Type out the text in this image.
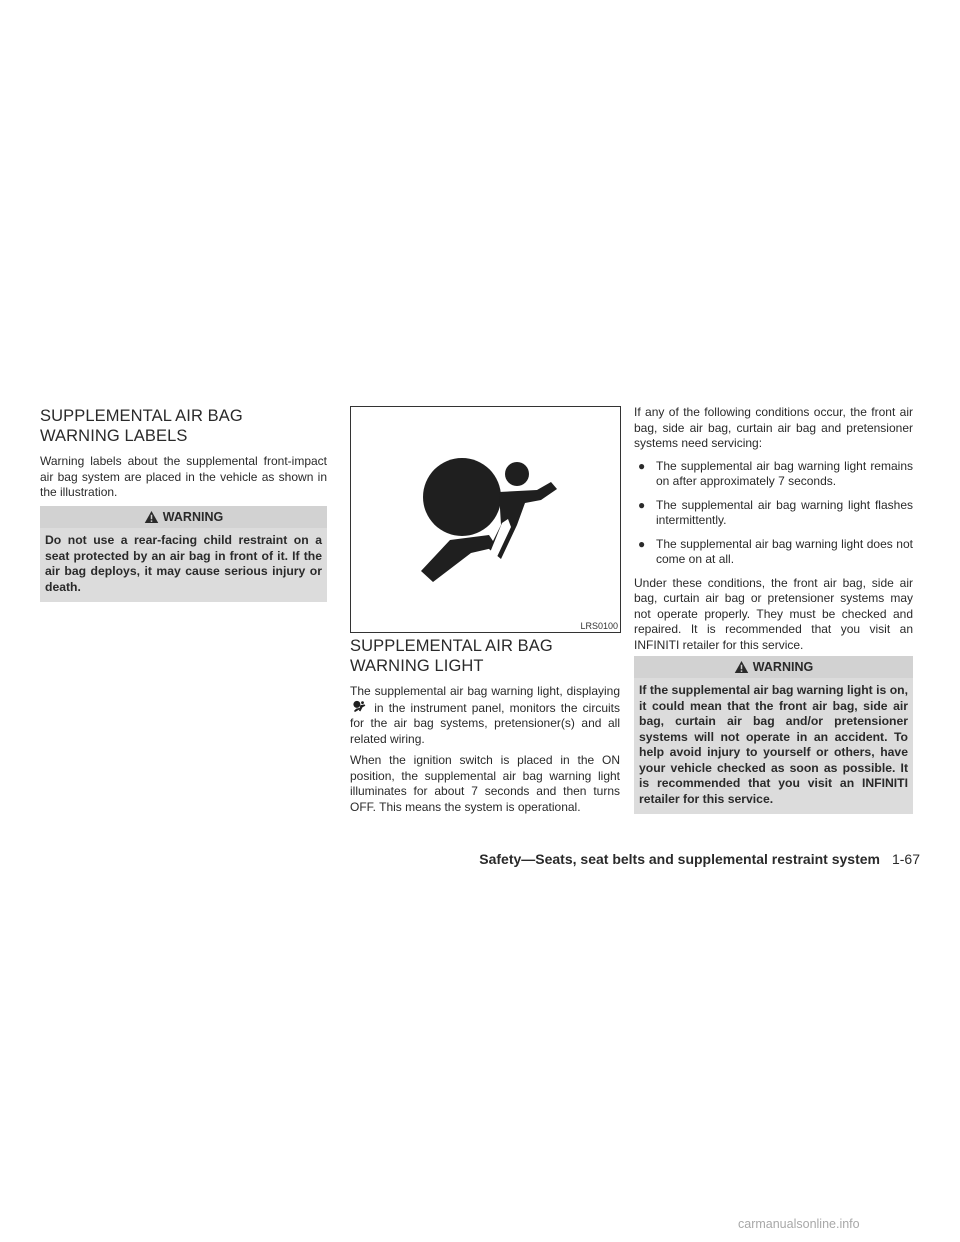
SUPPLEMENTAL AIR BAG
WARNING LABELS

Warning labels about the supplemental front-impact air bag system are placed in the vehicle as shown in the illustration.

WARNING

Do not use a rear-facing child restraint on a seat protected by an air bag in front of it. If the air bag deploys, it may cause serious injury or death.

LRS0100
SUPPLEMENTAL AIR BAG
WARNING LIGHT

The supplemental air bag warning light, displaying  in the instrument panel, monitors the circuits for the air bag systems, pretensioner(s) and all related wiring.

When the ignition switch is placed in the ON position, the supplemental air bag warning light illuminates for about 7 seconds and then turns OFF. This means the system is operational.

If any of the following conditions occur, the front air bag, side air bag, curtain air bag and pretensioner systems need servicing:

● The supplemental air bag warning light remains on after approximately 7 seconds.
● The supplemental air bag warning light flashes intermittently.
● The supplemental air bag warning light does not come on at all.

Under these conditions, the front air bag, side air bag, curtain air bag or pretensioner systems may not operate properly. They must be checked and repaired. It is recommended that you visit an INFINITI retailer for this service.

WARNING

If the supplemental air bag warning light is on, it could mean that the front air bag, side air bag, curtain air bag and/or pretensioner systems will not operate in an accident. To help avoid injury to yourself or others, have your vehicle checked as soon as possible. It is recommended that you visit an INFINITI retailer for this service.

Safety—Seats, seat belts and supplemental restraint system 1-67
carmanualsonline.info
